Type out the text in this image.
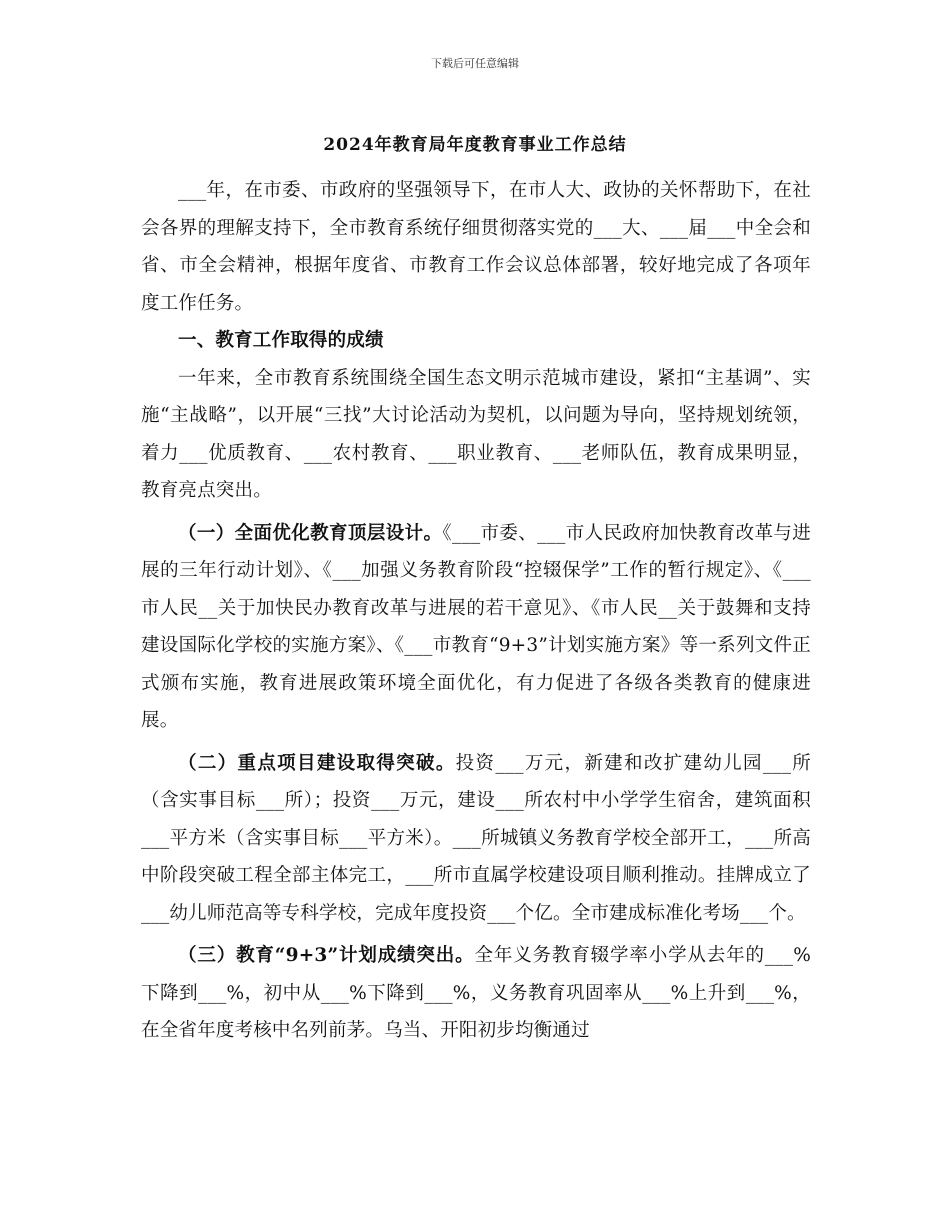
下载后可任意编辑
2024年教育局年度教育事业工作总结

___年，在市委、市政府的坚强领导下，在市人大、政协的关怀帮助下，在社会各界的理解支持下，全市教育系统仔细贯彻落实党的___大、___届___中全会和省、市全会精神，根据年度省、市教育工作会议总体部署，较好地完成了各项年度工作任务。

一、教育工作取得的成绩

一年来，全市教育系统围绕全国生态文明示范城市建设，紧扣“主基调”、实施“主战略”，以开展“三找”大讨论活动为契机，以问题为导向，坚持规划统领，着力___优质教育、___农村教育、___职业教育、___老师队伍，教育成果明显，教育亮点突出。

（一）全面优化教育顶层设计。《___市委、___市人民政府加快教育改革与进展的三年行动计划》、《___加强义务教育阶段“控辍保学”工作的暂行规定》、《___市人民__关于加快民办教育改革与进展的若干意见》、《市人民__关于鼓舞和支持建设国际化学校的实施方案》、《___市教育“9+3”计划实施方案》等一系列文件正式颁布实施，教育进展政策环境全面优化，有力促进了各级各类教育的健康进展。

（二）重点项目建设取得突破。投资___万元，新建和改扩建幼儿园___所（含实事目标___所）；投资___万元，建设___所农村中小学学生宿舍，建筑面积___平方米（含实事目标___平方米）。___所城镇义务教育学校全部开工，___所高中阶段突破工程全部主体完工，___所市直属学校建设项目顺利推动。挂牌成立了___幼儿师范高等专科学校，完成年度投资___个亿。全市建成标准化考场___个。

（三）教育“9+3”计划成绩突出。全年义务教育辍学率小学从去年的___%下降到___%，初中从___%下降到___%，义务教育巩固率从___%上升到___%，在全省年度考核中名列前茅。乌当、开阳初步均衡通过
